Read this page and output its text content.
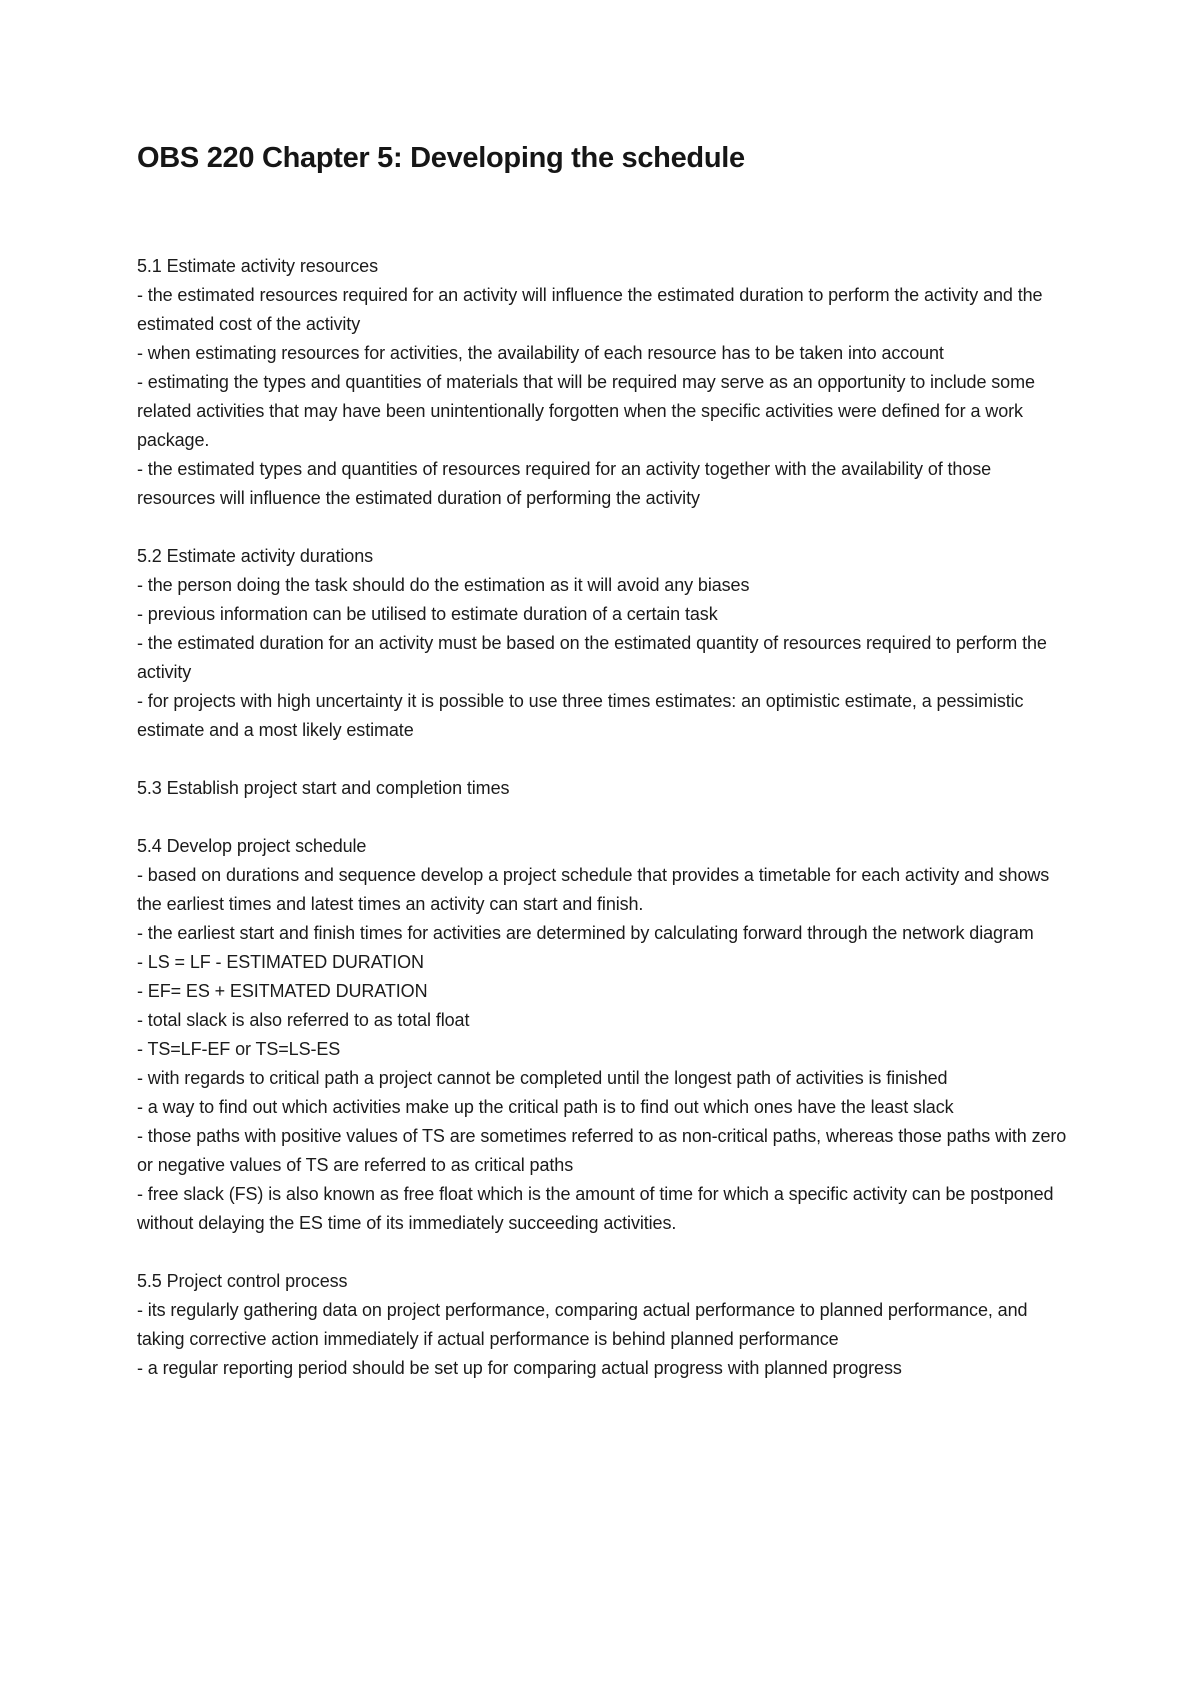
OBS 220 Chapter 5: Developing the schedule

5.1 Estimate activity resources

- the estimated resources required for an activity will influence the estimated duration to perform the activity and the estimated cost of the activity

- when estimating resources for activities, the availability of each resource has to be taken into account

- estimating the types and quantities of materials that will be required may serve as an opportunity to include some related activities that may have been unintentionally forgotten when the specific activities were defined for a work package.

- the estimated types and quantities of resources required for an activity together with the availability of those resources will influence the estimated duration of performing the activity

5.2 Estimate activity durations

- the person doing the task should do the estimation as it will avoid any biases

- previous information can be utilised to estimate duration of a certain task

- the estimated duration for an activity must be based on the estimated quantity of resources required to perform the activity

- for projects with high uncertainty it is possible to use three times estimates: an optimistic estimate, a pessimistic estimate and a most likely estimate

5.3 Establish project start and completion times

5.4 Develop project schedule

- based on durations and sequence develop a project schedule that provides a timetable for each activity and shows the earliest times and latest times an activity can start and finish.

- the earliest start and finish times for activities are determined by calculating forward through the network diagram

- LS = LF - ESTIMATED DURATION

- EF= ES + ESITMATED DURATION

- total slack is also referred to as total float

- TS=LF-EF or TS=LS-ES

- with regards to critical path a project cannot be completed until the longest path of activities is finished

- a way to find out which activities make up the critical path is to find out which ones have the least slack

- those paths with positive values of TS are sometimes referred to as non-critical paths, whereas those paths with zero or negative values of TS are referred to as critical paths

- free slack (FS) is also known as free float which is the amount of time for which a specific activity can be postponed without delaying the ES time of its immediately succeeding activities.

5.5 Project control process

- its regularly gathering data on project performance, comparing actual performance to planned performance, and taking corrective action immediately if actual performance is behind planned performance

- a regular reporting period should be set up for comparing actual progress with planned progress
